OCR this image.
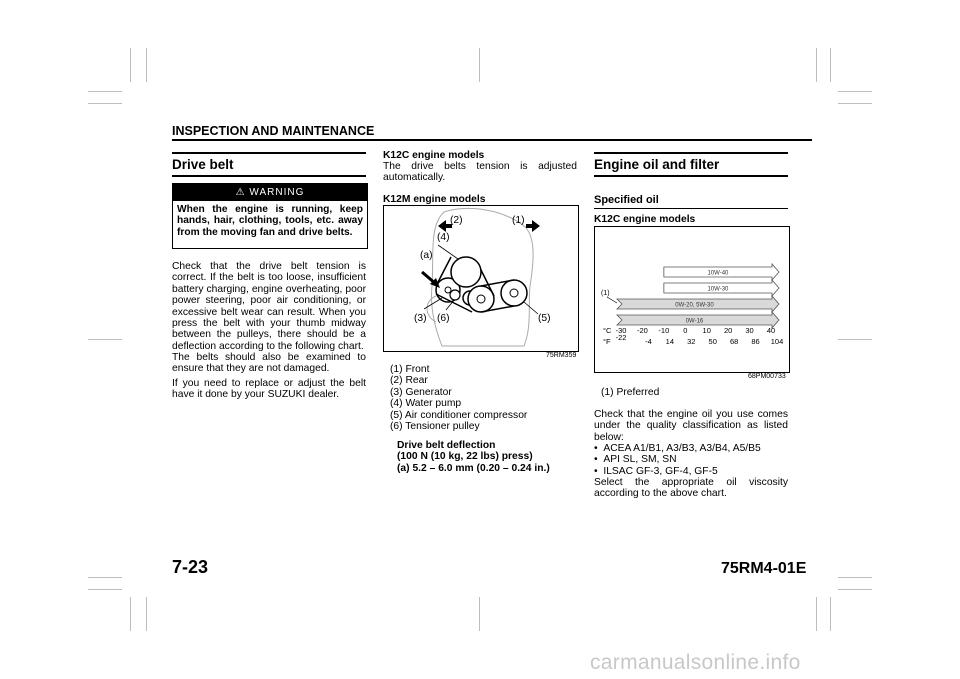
INSPECTION AND MAINTENANCE
Drive belt
⚠ WARNING
When the engine is running, keep hands, hair, clothing, tools, etc. away from the moving fan and drive belts.
Check that the drive belt tension is correct. If the belt is too loose, insufficient battery charging, engine overheating, poor power steering, poor air conditioning, or excessive belt wear can result. When you press the belt with your thumb midway between the pulleys, there should be a deflection according to the following chart.
The belts should also be examined to ensure that they are not damaged.
If you need to replace or adjust the belt have it done by your SUZUKI dealer.
K12C engine models
The drive belts tension is adjusted automatically.
K12M engine models
(2)	(1)
(4)
(a)
(3) (6)	(5)
75RM359
(1) Front
(2) Rear
(3) Generator
(4) Water pump
(5) Air conditioner compressor
(6) Tensioner pulley
Drive belt deflection
(100 N (10 kg, 22 lbs) press)
(a) 5.2 – 6.0 mm (0.20 – 0.24 in.)
Engine oil and filter
Specified oil
K12C engine models
10W-40
10W-30
0W-20, 5W-30
0W-16
(1)
°C
°F
-30 -20 -10 0 10 20 30 40
-22 -4 14 32 50 68 86 104
68PM00733
(1) Preferred
Check that the engine oil you use comes under the quality classification as listed below:
•  ACEA A1/B1, A3/B3, A3/B4, A5/B5
•  API SL, SM, SN
•  ILSAC GF-3, GF-4, GF-5
Select the appropriate oil viscosity according to the above chart.
7-23	75RM4-01E
carmanualsonline.info
